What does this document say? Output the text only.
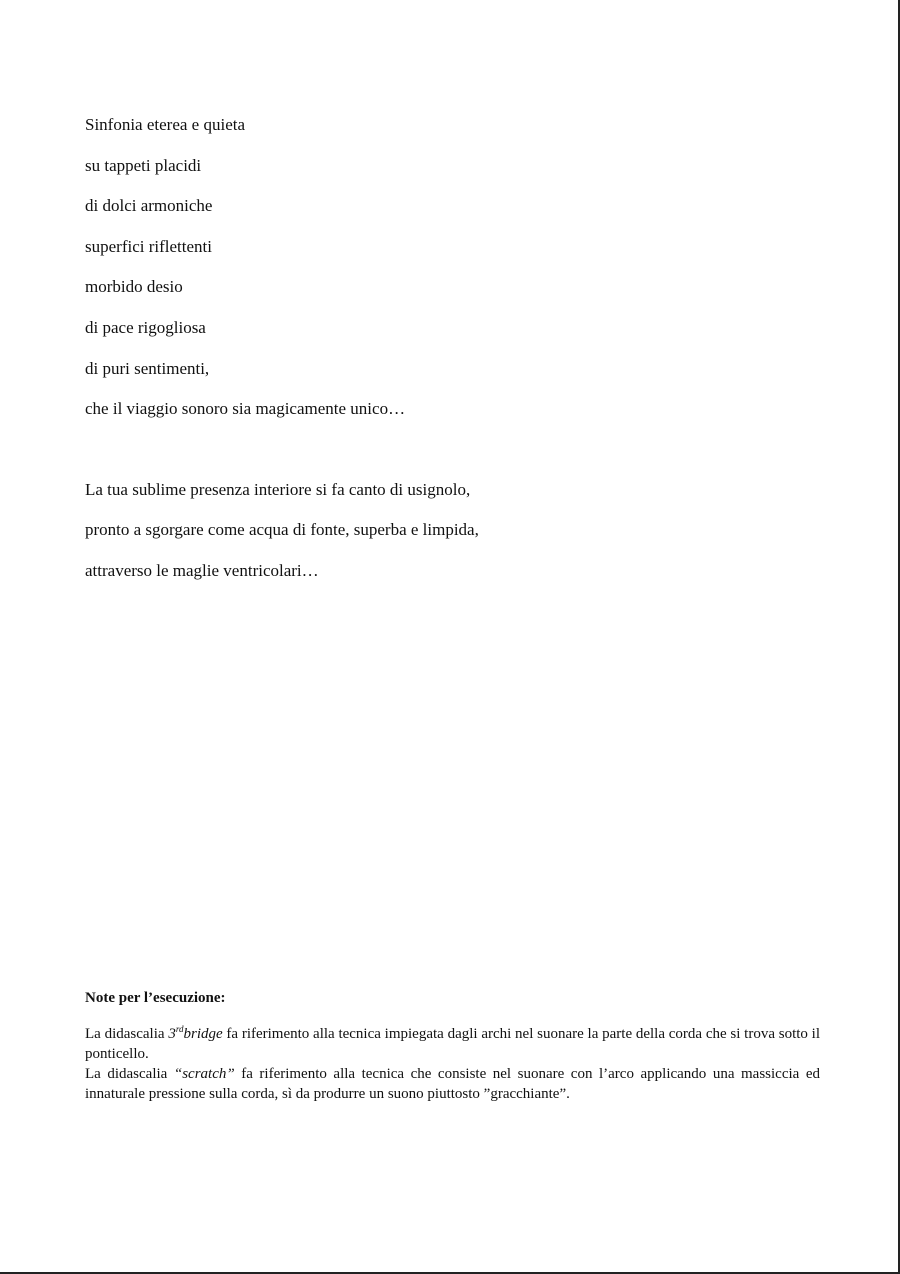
Sinfonia eterea e quieta
su tappeti placidi
di dolci armoniche
superfici riflettenti
morbido desio
di pace rigogliosa
di puri sentimenti,
che il viaggio sonoro sia magicamente unico…
La tua sublime presenza interiore si fa canto di usignolo,
pronto a sgorgare come acqua di fonte, superba e limpida,
attraverso le maglie ventricolari…

Note per l’esecuzione:

La didascalia 3rdbridge fa riferimento alla tecnica impiegata dagli archi nel suonare la parte della corda che si trova sotto il ponticello.

La didascalia “scratch” fa riferimento alla tecnica che consiste nel suonare con l’arco applicando una massiccia ed innaturale pressione sulla corda, sì da produrre un suono piuttosto ”gracchiante”.
